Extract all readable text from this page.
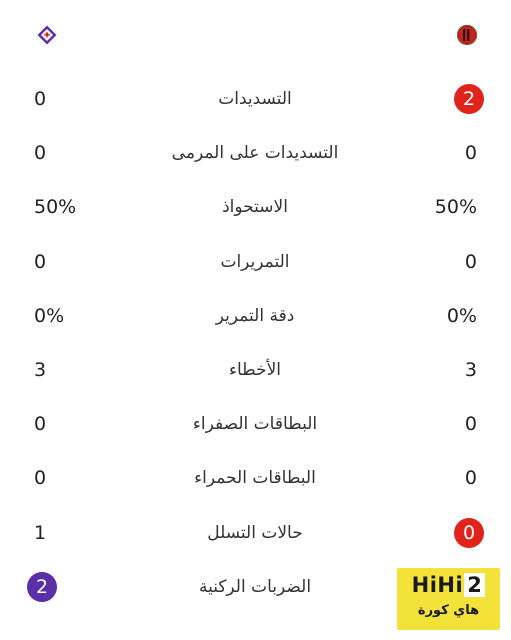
0	التسديدات	2
0	التسديدات على المرمى	0
50%	الاستحواذ	50%
0	التمريرات	0
0%	دقة التمرير	0%
3	الأخطاء	3
0	البطاقات الصفراء	0
0	البطاقات الحمراء	0
1	حالات التسلل	0
2	الضربات الركنية	HiHi 2
هاي كورة
